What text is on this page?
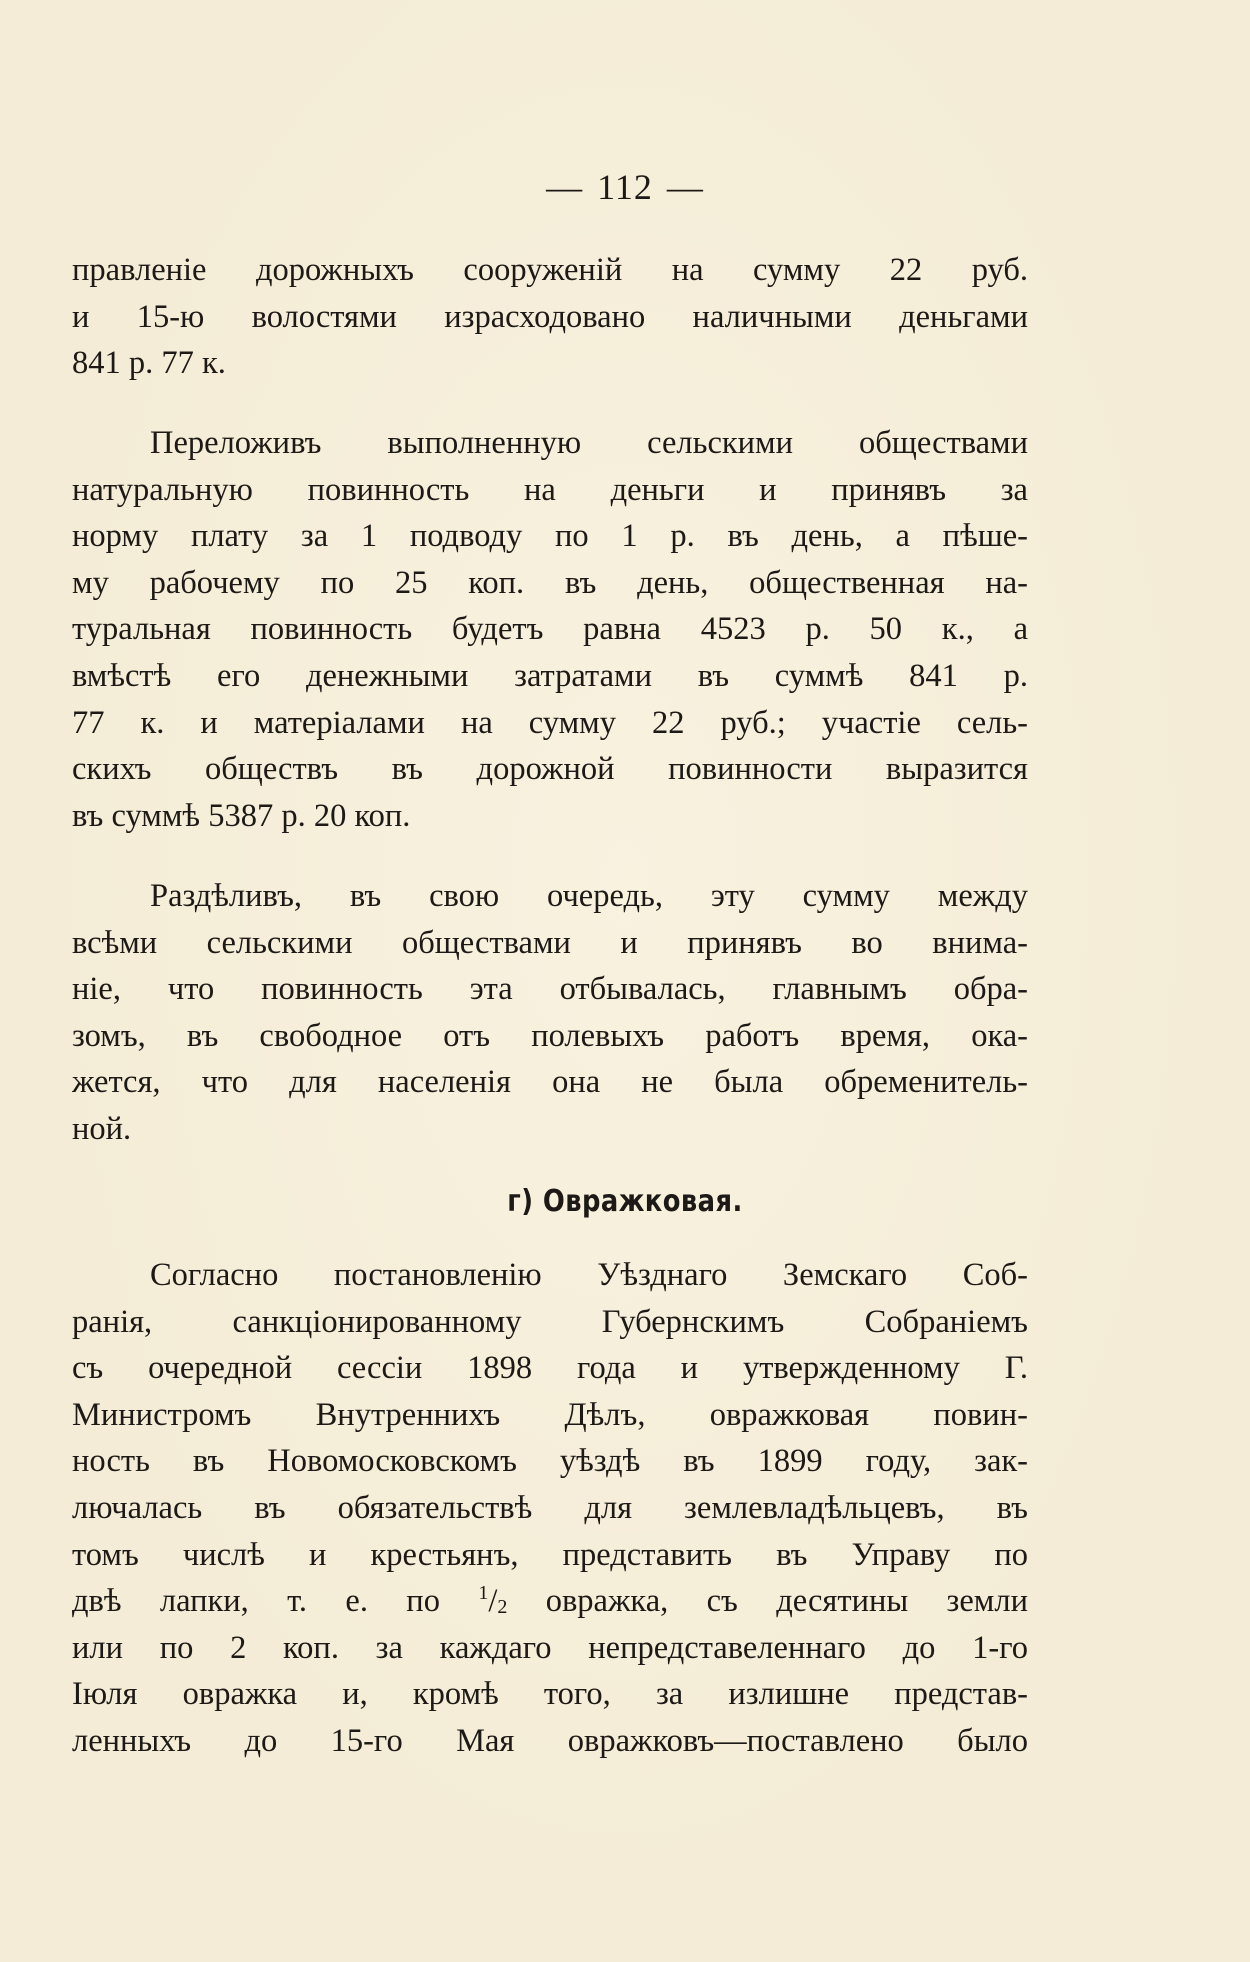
— 112 —
правленіе дорожныхъ сооруженій на сумму 22 руб.
и 15-ю волостями израсходовано наличными деньгами
841 р. 77 к.
Переложивъ выполненную сельскими обществами
натуральную повинность на деньги и принявъ за
норму плату за 1 подводу по 1 р. въ день, а пѣше-
му рабочему по 25 коп. въ день, общественная на-
туральная повинность будетъ равна 4523 р. 50 к., а
вмѣстѣ его денежными затратами въ суммѣ 841 р.
77 к. и матеріалами на сумму 22 руб.; участіе сель-
скихъ обществъ въ дорожной повинности выразится
въ суммѣ 5387 р. 20 коп.
Раздѣливъ, въ свою очередь, эту сумму между
всѣми сельскими обществами и принявъ во внима-
ніе, что повинность эта отбывалась, главнымъ обра-
зомъ, въ свободное отъ полевыхъ работъ время, ока-
жется, что для населенія она не была обременитель-
ной.
г) Овражковая.
Согласно постановленію Уѣзднаго Земскаго Соб-
ранія, санкціонированному Губернскимъ Собраніемъ
съ очередной сессіи 1898 года и утвержденному Г.
Министромъ Внутреннихъ Дѣлъ, овражковая повин-
ность въ Новомосковскомъ уѣздѣ въ 1899 году, зак-
лючалась въ обязательствѣ для землевладѣльцевъ, въ
томъ числѣ и крестьянъ, представить въ Управу по
двѣ лапки, т. е. по $^1/_2$ овражка, съ десятины земли
или по 2 коп. за каждаго непредставеленнаго до 1-го
Іюля овражка и, кромѣ того, за излишне представ-
ленныхъ до 15-го Мая овражковъ—поставлено было
